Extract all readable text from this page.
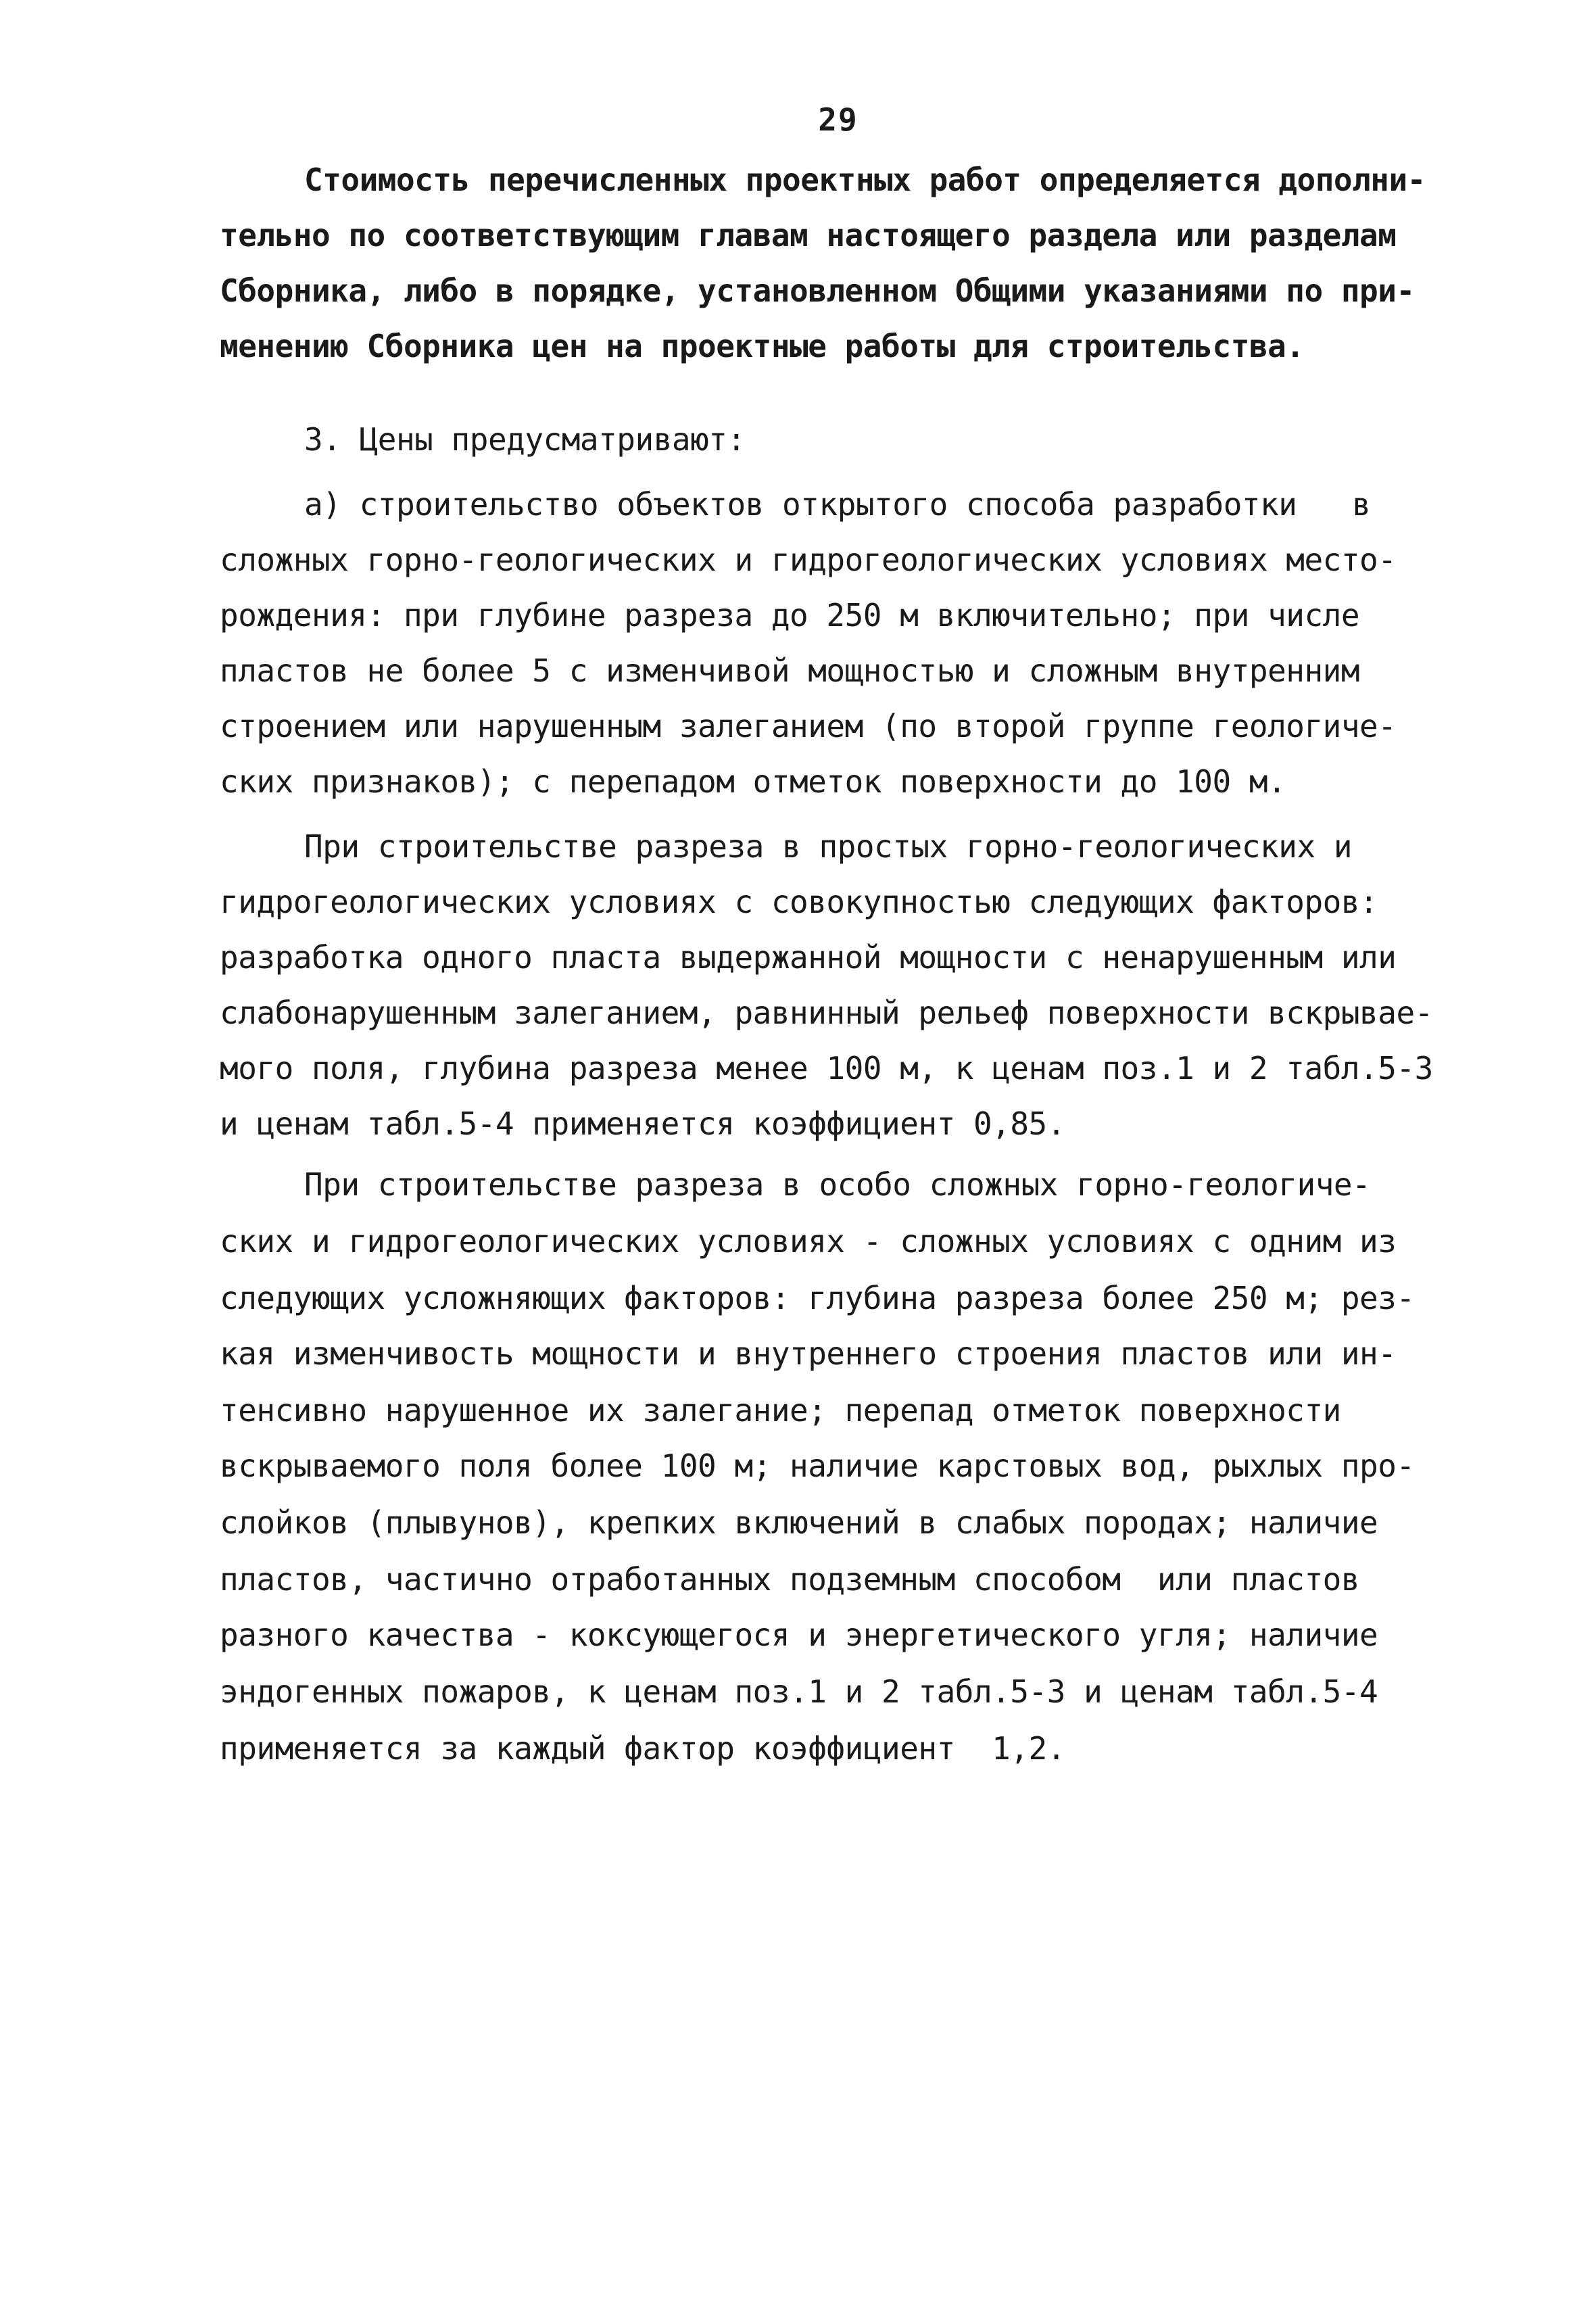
29
Стоимость перечисленных проектных работ определяется дополни-
тельно по соответствующим главам настоящего раздела или разделам
Сборника, либо в порядке, установленном Общими указаниями по при-
менению Сборника цен на проектные работы для строительства.
3. Цены предусматривают:
а) строительство объектов открытого способа разработки   в
сложных горно-геологических и гидрогеологических условиях место-
рождения: при глубине разреза до 250 м включительно; при числе
пластов не более 5 с изменчивой мощностью и сложным внутренним
строением или нарушенным залеганием (по второй группе геологиче-
ских признаков); с перепадом отметок поверхности до 100 м.
При строительстве разреза в простых горно-геологических и
гидрогеологических условиях с совокупностью следующих факторов:
разработка одного пласта выдержанной мощности с ненарушенным или
слабонарушенным залеганием, равнинный рельеф поверхности вскрывае-
мого поля, глубина разреза менее 100 м, к ценам поз.1 и 2 табл.5-3
и ценам табл.5-4 применяется коэффициент 0,85.
При строительстве разреза в особо сложных горно-геологиче-
ских и гидрогеологических условиях - сложных условиях с одним из
следующих усложняющих факторов: глубина разреза более 250 м; рез-
кая изменчивость мощности и внутреннего строения пластов или ин-
тенсивно нарушенное их залегание; перепад отметок поверхности
вскрываемого поля более 100 м; наличие карстовых вод, рыхлых про-
слойков (плывунов), крепких включений в слабых породах; наличие
пластов, частично отработанных подземным способом  или пластов
разного качества - коксующегося и энергетического угля; наличие
эндогенных пожаров, к ценам поз.1 и 2 табл.5-3 и ценам табл.5-4
применяется за каждый фактор коэффициент  1,2.
